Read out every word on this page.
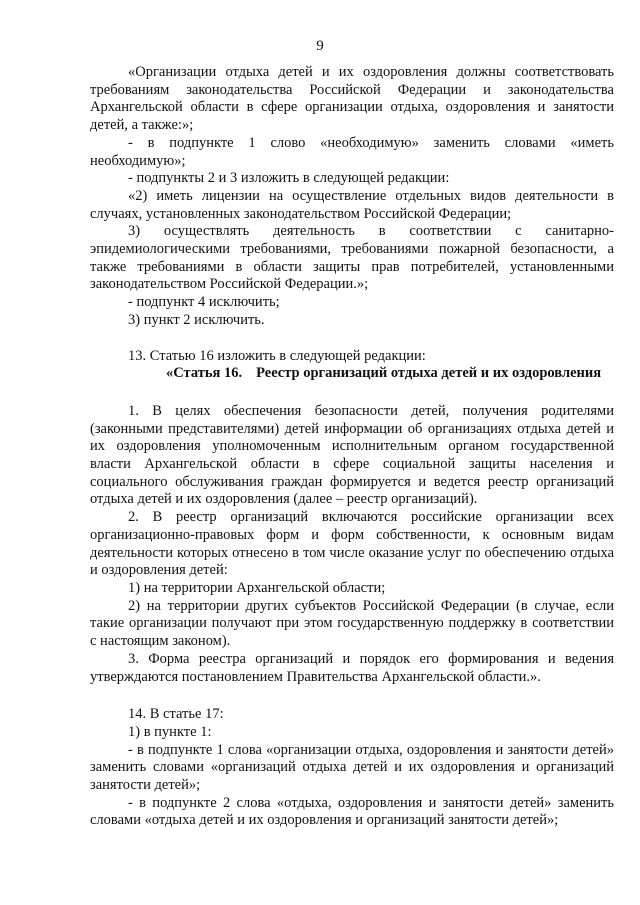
9

«Организации отдыха детей и их оздоровления должны соответствовать требованиям законодательства Российской Федерации и законодательства Архангельской области в сфере организации отдыха, оздоровления и занятости детей, а также:»;

- в подпункте 1 слово «необходимую» заменить словами «иметь необходимую»;

- подпункты 2 и 3 изложить в следующей редакции:

«2) иметь лицензии на осуществление отдельных видов деятельности в случаях, установленных законодательством Российской Федерации;

3) осуществлять деятельность в соответствии с санитарно-эпидемиологическими требованиями, требованиями пожарной безопасности, а также требованиями в области защиты прав потребителей, установленными законодательством Российской Федерации.»;

- подпункт 4 исключить;

3) пункт 2 исключить.

13. Статью 16 изложить в следующей редакции:

«Статья 16. Реестр организаций отдыха детей и их оздоровления

1. В целях обеспечения безопасности детей, получения родителями (законными представителями) детей информации об организациях отдыха детей и их оздоровления уполномоченным исполнительным органом государственной власти Архангельской области в сфере социальной защиты населения и социального обслуживания граждан формируется и ведется реестр организаций отдыха детей и их оздоровления (далее – реестр организаций).

2. В реестр организаций включаются российские организации всех организационно-правовых форм и форм собственности, к основным видам деятельности которых отнесено в том числе оказание услуг по обеспечению отдыха и оздоровления детей:

1) на территории Архангельской области;

2) на территории других субъектов Российской Федерации (в случае, если такие организации получают при этом государственную поддержку в соответствии с настоящим законом).

3. Форма реестра организаций и порядок его формирования и ведения утверждаются постановлением Правительства Архангельской области.».

14. В статье 17:

1) в пункте 1:

- в подпункте 1 слова «организации отдыха, оздоровления и занятости детей» заменить словами «организаций отдыха детей и их оздоровления и организаций занятости детей»;

- в подпункте 2 слова «отдыха, оздоровления и занятости детей» заменить словами «отдыха детей и их оздоровления и организаций занятости детей»;
